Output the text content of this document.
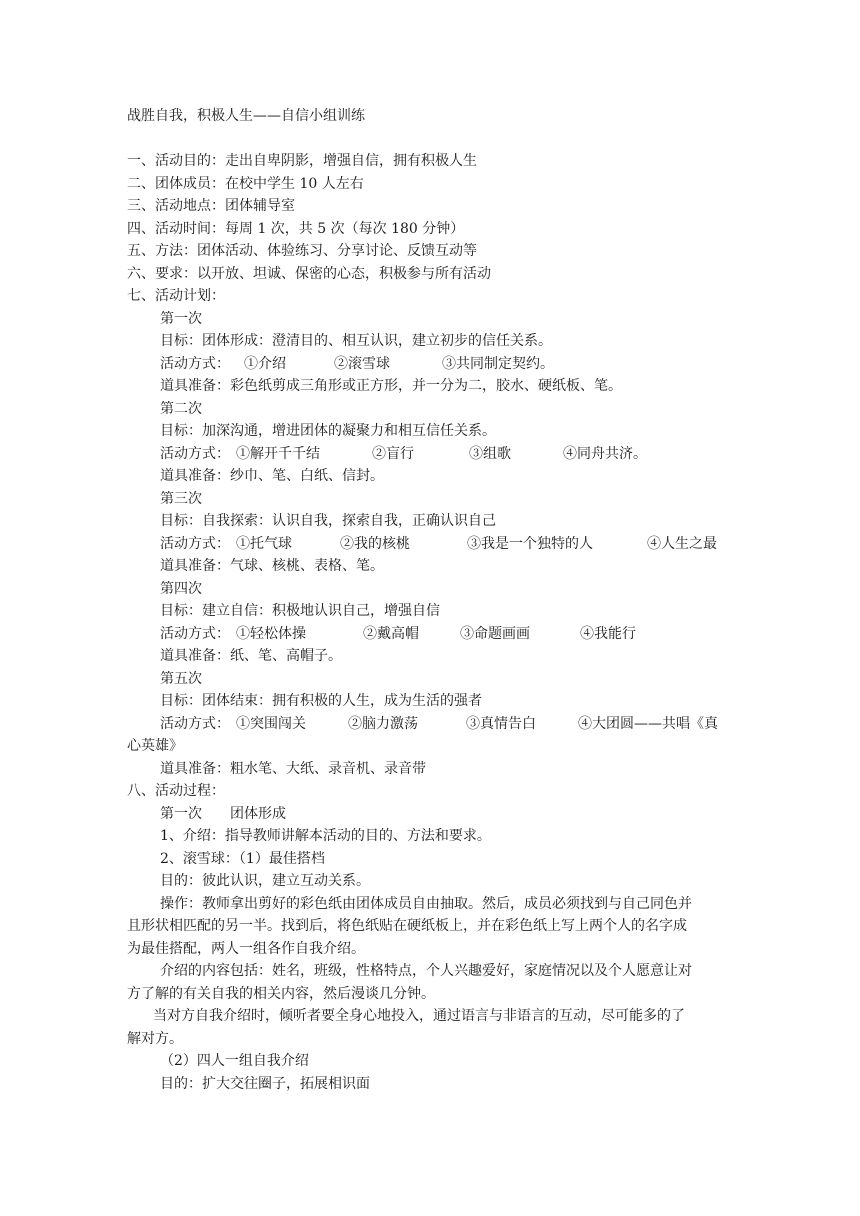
战胜自我，积极人生——自信小组训练
一、活动目的：走出自卑阴影，增强自信，拥有积极人生
二、团体成员：在校中学生 10 人左右
三、活动地点：团体辅导室
四、活动时间：每周 1 次，共 5 次（每次 180 分钟）
五、方法：团体活动、体验练习、分享讨论、反馈互动等
六、要求：以开放、坦诚、保密的心态，积极参与所有活动
七、活动计划：
第一次
目标：团体形成：澄清目的、相互认识，建立初步的信任关系。
活动方式： ①介绍	②滚雪球	③共同制定契约。
道具准备：彩色纸剪成三角形或正方形，并一分为二，胶水、硬纸板、笔。
第二次
目标：加深沟通，增进团体的凝聚力和相互信任关系。
活动方式： ①解开千千结	②盲行	③组歌	④同舟共济。
道具准备：纱巾、笔、白纸、信封。
第三次
目标：自我探索：认识自我，探索自我，正确认识自己
活动方式： ①托气球	②我的核桃	③我是一个独特的人	④人生之最
道具准备：气球、核桃、表格、笔。
第四次
目标：建立自信：积极地认识自己，增强自信
活动方式： ①轻松体操	②戴高帽	③命题画画	④我能行
道具准备：纸、笔、高帽子。
第五次
目标：团体结束：拥有积极的人生，成为生活的强者
活动方式： ①突围闯关	②脑力激荡	③真情告白	④大团圆——共唱《真
心英雄》
道具准备：粗水笔、大纸、录音机、录音带
八、活动过程：
第一次 团体形成
1、介绍：指导教师讲解本活动的目的、方法和要求。
2、滚雪球：（1）最佳搭档
目的：彼此认识，建立互动关系。
操作：教师拿出剪好的彩色纸由团体成员自由抽取。然后，成员必须找到与自己同色并
且形状相匹配的另一半。找到后，将色纸贴在硬纸板上，并在彩色纸上写上两个人的名字成
为最佳搭配，两人一组各作自我介绍。
介绍的内容包括：姓名，班级，性格特点，个人兴趣爱好，家庭情况以及个人愿意让对
方了解的有关自我的相关内容，然后漫谈几分钟。
当对方自我介绍时，倾听者要全身心地投入，通过语言与非语言的互动，尽可能多的了
解对方。
（2）四人一组自我介绍
目的：扩大交往圈子，拓展相识面
